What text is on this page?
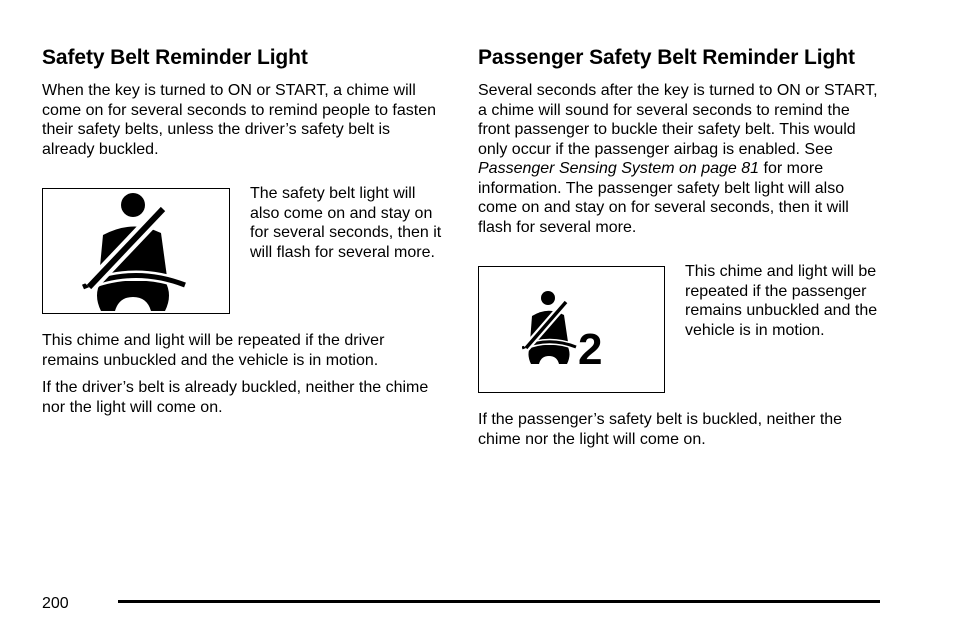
Safety Belt Reminder Light

When the key is turned to ON or START, a chime will come on for several seconds to remind people to fasten their safety belts, unless the driver’s safety belt is already buckled.

The safety belt light will also come on and stay on for several seconds, then it will flash for several more.

This chime and light will be repeated if the driver remains unbuckled and the vehicle is in motion.

If the driver’s belt is already buckled, neither the chime nor the light will come on.

Passenger Safety Belt Reminder Light

Several seconds after the key is turned to ON or START, a chime will sound for several seconds to remind the front passenger to buckle their safety belt. This would only occur if the passenger airbag is enabled. See Passenger Sensing System on page 81 for more information. The passenger safety belt light will also come on and stay on for several seconds, then it will flash for several more.

2

This chime and light will be repeated if the passenger remains unbuckled and the vehicle is in motion.

If the passenger’s safety belt is buckled, neither the chime nor the light will come on.

200
